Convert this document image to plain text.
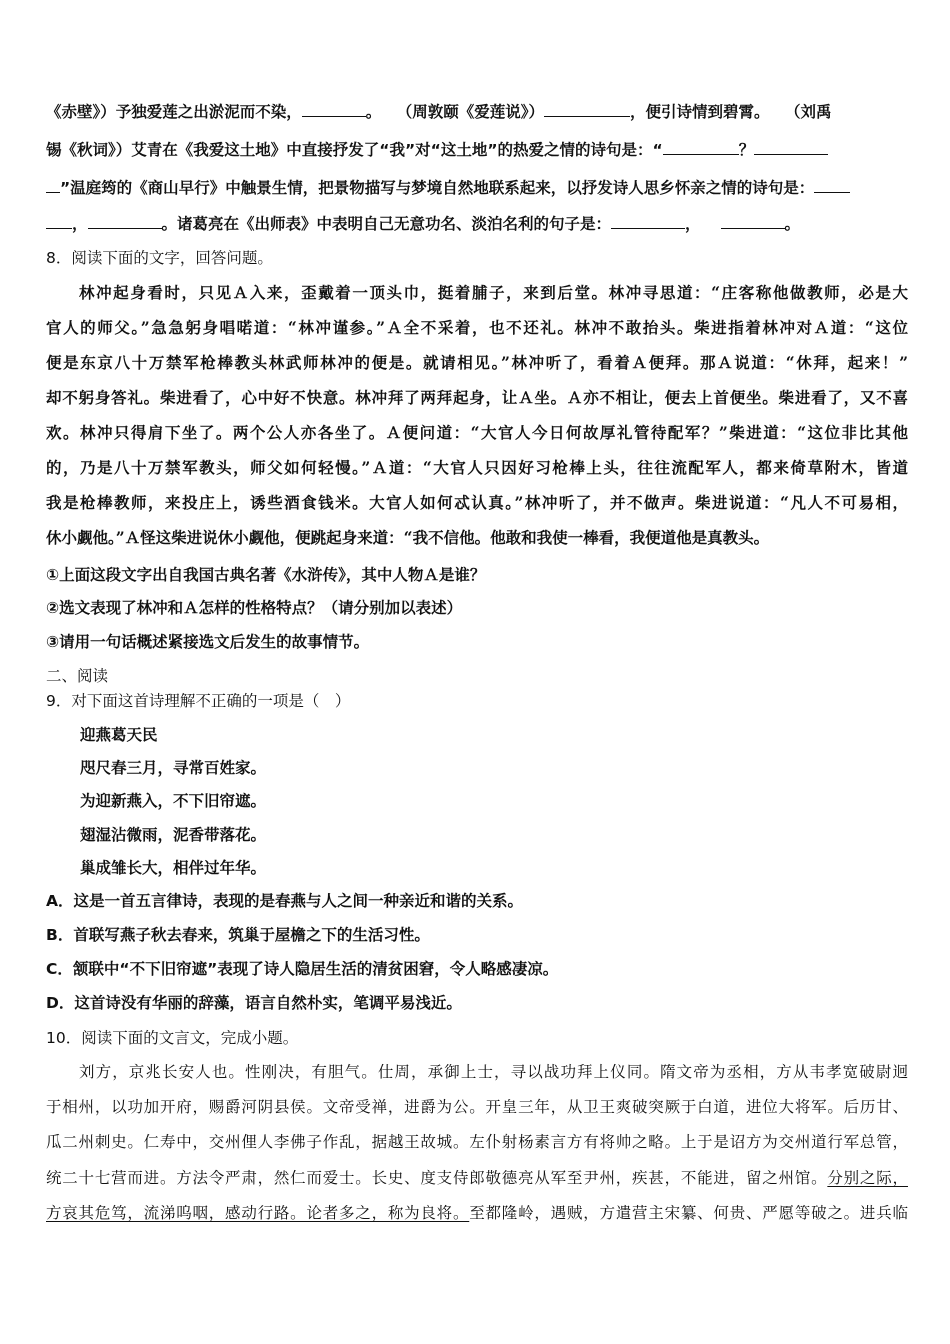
《赤壁》）予独爱莲之出淤泥而不染，	。　　（周敦颐《爱莲说》）	，便引诗情到碧霄。　　（刘禹
锡《秋词》）艾青在《我爱这土地》中直接抒发了“我”对“这土地”的热爱之情的诗句是：“	？
”温庭筠的《商山早行》中触景生情，把景物描写与梦境自然地联系起来，以抒发诗人思乡怀亲之情的诗句是：
，	。诸葛亮在《出师表》中表明自己无意功名、淡泊名利的句子是：	，	。
8．阅读下面的文字，回答问题。
林冲起身看时，只见Ａ入来，歪戴着一顶头巾，挺着脯子，来到后堂。林冲寻思道：“庄客称他做教师，必是大
官人的师父。”急急躬身唱喏道：“林冲谨参。”Ａ全不采着，也不还礼。林冲不敢抬头。柴进指着林冲对Ａ道：“这位
便是东京八十万禁军枪棒教头林武师林冲的便是。就请相见。”林冲听了，看着Ａ便拜。那Ａ说道：“休拜，起来！”
却不躬身答礼。柴进看了，心中好不快意。林冲拜了两拜起身，让Ａ坐。Ａ亦不相让，便去上首便坐。柴进看了，又不喜
欢。林冲只得肩下坐了。两个公人亦各坐了。Ａ便问道：“大官人今日何故厚礼管待配军？”柴进道：“这位非比其他
的，乃是八十万禁军教头，师父如何轻慢。”Ａ道：“大官人只因好习枪棒上头，往往流配军人，都来倚草附木，皆道
我是枪棒教师，来投庄上，诱些酒食钱米。大官人如何忒认真。”林冲听了，并不做声。柴进说道：“凡人不可易相，
休小觑他。”Ａ怪这柴进说休小觑他，便跳起身来道：“我不信他。他敢和我使一棒看，我便道他是真教头。
①上面这段文字出自我国古典名著《水浒传》，其中人物Ａ是谁？
②选文表现了林冲和Ａ怎样的性格特点？（请分别加以表述）
③请用一句话概述紧接选文后发生的故事情节。
二、阅读
9．对下面这首诗理解不正确的一项是（　）
迎燕葛天民
咫尺春三月，寻常百姓家。
为迎新燕入，不下旧帘遮。
翅湿沾微雨，泥香带落花。
巢成雏长大，相伴过年华。
A．这是一首五言律诗，表现的是春燕与人之间一种亲近和谐的关系。
B．首联写燕子秋去春来，筑巢于屋檐之下的生活习性。
C．颔联中“不下旧帘遮”表现了诗人隐居生活的清贫困窘，令人略感凄凉。
D．这首诗没有华丽的辞藻，语言自然朴实，笔调平易浅近。
10．阅读下面的文言文，完成小题。
刘方，京兆长安人也。性刚决，有胆气。仕周，承御上士，寻以战功拜上仪同。隋文帝为丞相，方从韦孝宽破尉迥
于相州，以功加开府，赐爵河阴县侯。文帝受禅，进爵为公。开皇三年，从卫王爽破突厥于白道，进位大将军。后历甘、
瓜二州刺史。仁寿中，交州俚人李佛子作乱，据越王故城。左仆射杨素言方有将帅之略。上于是诏方为交州道行军总管，
统二十七营而进。方法令严肃，然仁而爱士。长史、度支侍郎敬德亮从军至尹州，疾甚，不能进，留之州馆。分别之际，
方哀其危笃，流涕呜咽，感动行路。论者多之，称为良将。至都隆岭，遇贼，方遣营主宋纂、何贵、严愿等破之。进兵临
